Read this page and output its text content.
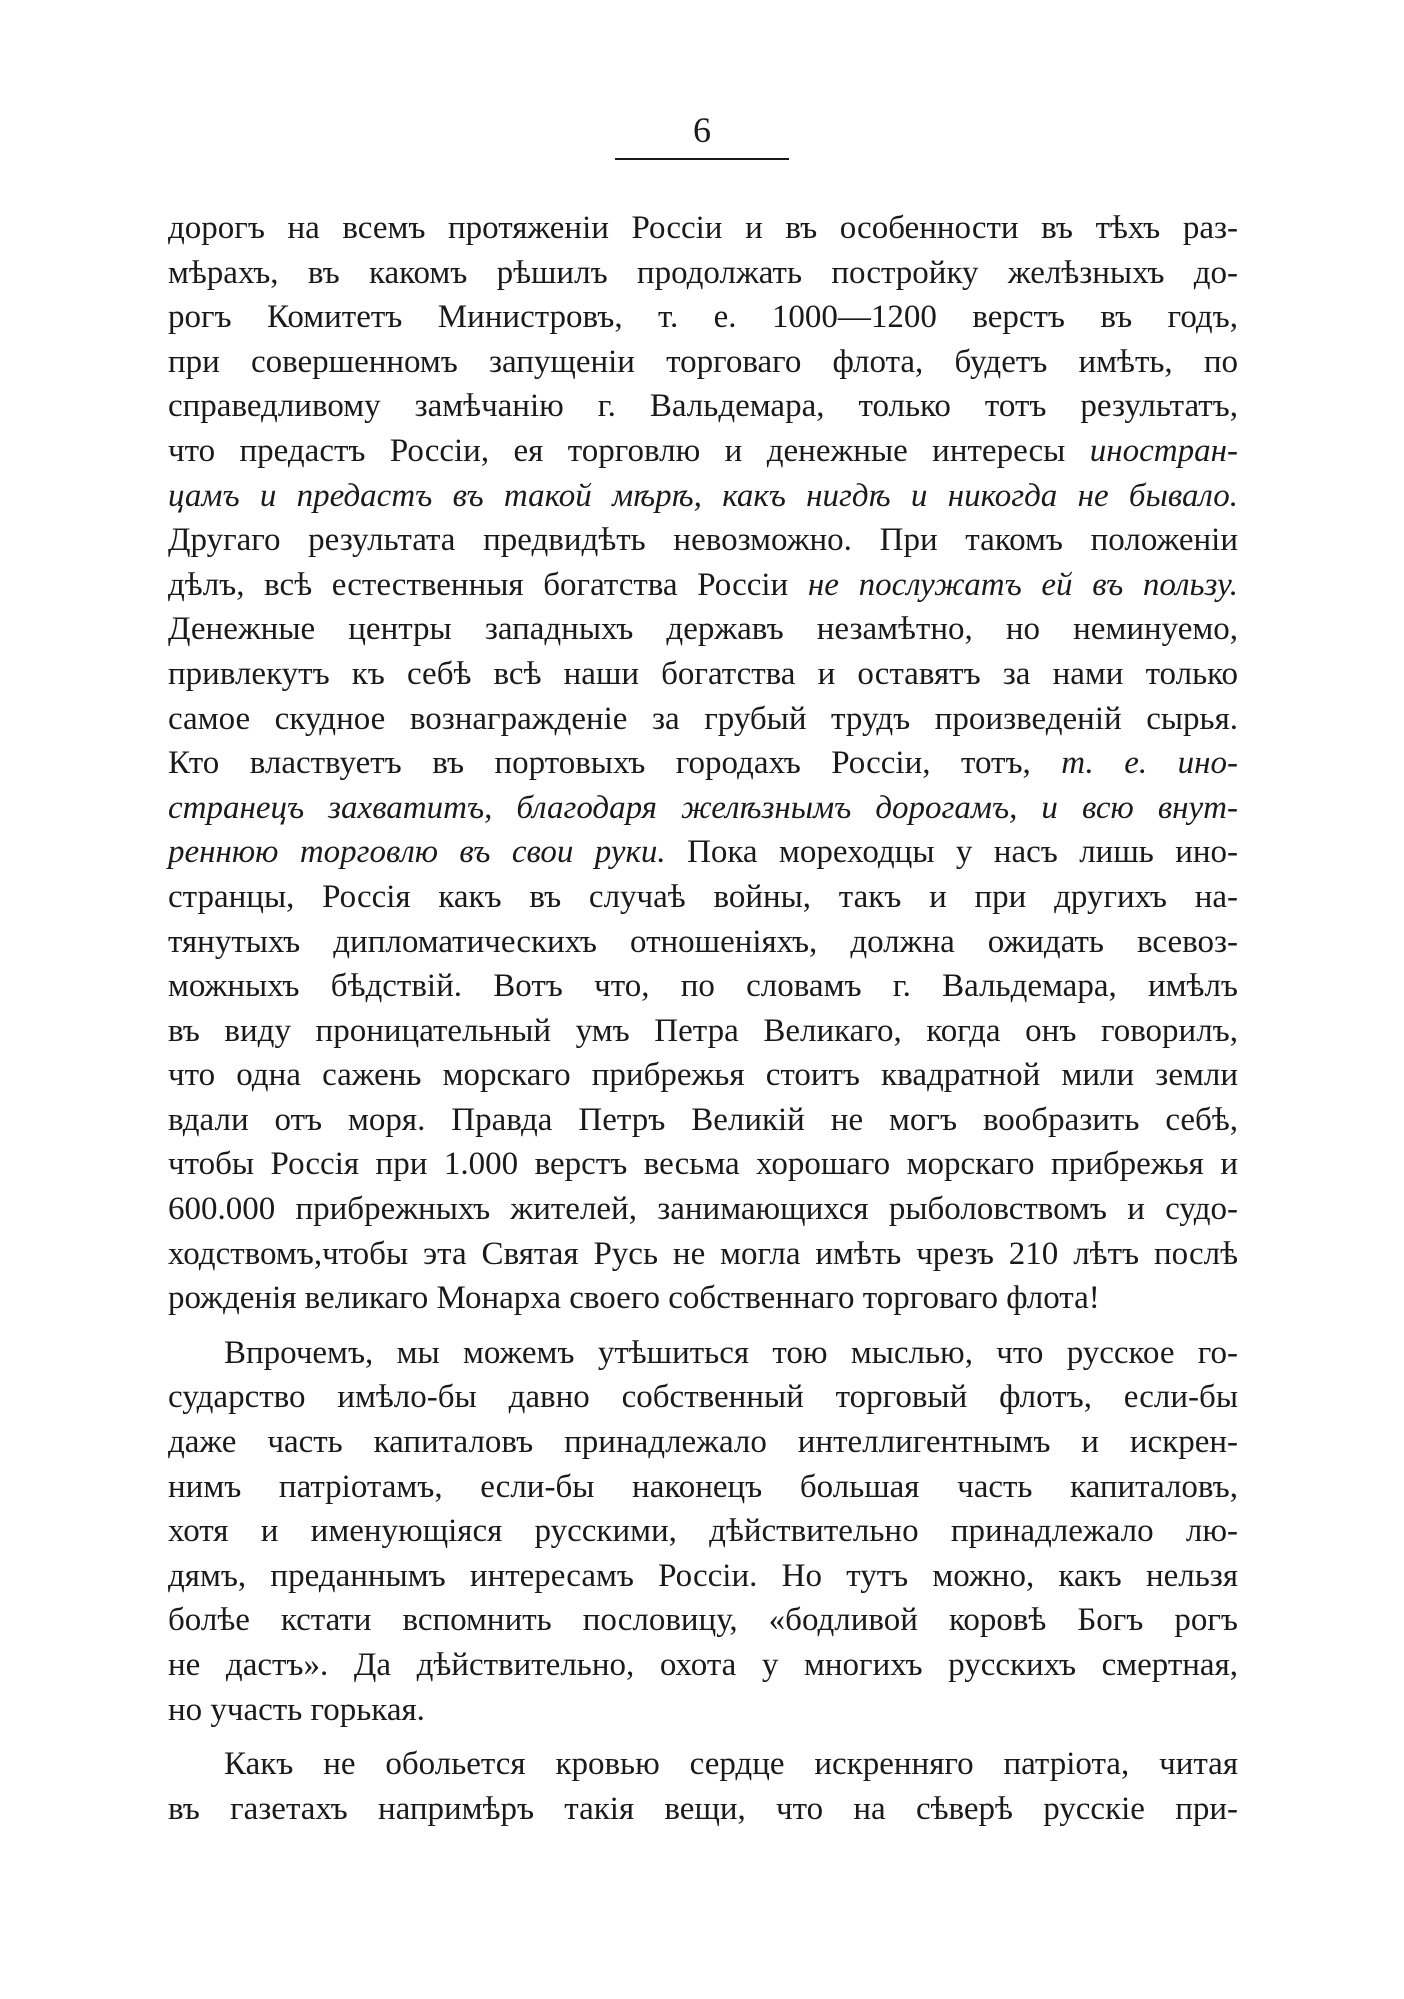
6
дорогъ на всемъ протяженіи Россіи и въ особенности въ тѣхъ раз-
мѣрахъ, въ какомъ рѣшилъ продолжать постройку желѣзныхъ до-
рогъ Комитетъ Министровъ, т. е. 1000—1200 верстъ въ годъ,
при совершенномъ запущеніи торговаго флота, будетъ имѣть, по
справедливому замѣчанію г. Вальдемара, только тотъ результатъ,
что предастъ Россіи, ея торговлю и денежные интересы иностран-
цамъ и предастъ въ такой мѣрѣ, какъ нигдѣ и никогда не бывало.
Другаго результата предвидѣть невозможно. При такомъ положеніи
дѣлъ, всѣ естественныя богатства Россіи не послужатъ ей въ пользу.
Денежные центры западныхъ державъ незамѣтно, но неминуемо,
привлекутъ къ себѣ всѣ наши богатства и оставятъ за нами только
самое скудное вознагражденіе за грубый трудъ произведеній сырья.
Кто властвуетъ въ портовыхъ городахъ Россіи, тотъ, т. е. ино-
странецъ захватитъ, благодаря желѣзнымъ дорогамъ, и всю внут-
реннюю торговлю въ свои руки. Пока мореходцы у насъ лишь ино-
странцы, Россія какъ въ случаѣ войны, такъ и при другихъ на-
тянутыхъ дипломатическихъ отношеніяхъ, должна ожидать всевоз-
можныхъ бѣдствій. Вотъ что, по словамъ г. Вальдемара, имѣлъ
въ виду проницательный умъ Петра Великаго, когда онъ говорилъ,
что одна сажень морскаго прибрежья стоитъ квадратной мили земли
вдали отъ моря. Правда Петръ Великій не могъ вообразить себѣ,
чтобы Россія при 1.000 верстъ весьма хорошаго морскаго прибрежья и
600.000 прибрежныхъ жителей, занимающихся рыболовствомъ и судо-
ходствомъ,чтобы эта Святая Русь не могла имѣть чрезъ 210 лѣтъ послѣ
рожденія великаго Монарха своего собственнаго торговаго флота!
Впрочемъ, мы можемъ утѣшиться тою мыслью, что русское го-
сударство имѣло-бы давно собственный торговый флотъ, если-бы
даже часть капиталовъ принадлежало интеллигентнымъ и искрен-
нимъ патріотамъ, если-бы наконецъ большая часть капиталовъ,
хотя и именующіяся русскими, дѣйствительно принадлежало лю-
дямъ, преданнымъ интересамъ Россіи. Но тутъ можно, какъ нельзя
болѣе кстати вспомнить пословицу, «бодливой коровѣ Богъ рогъ
не дастъ». Да дѣйствительно, охота у многихъ русскихъ смертная,
но участь горькая.
Какъ не обольется кровью сердце искренняго патріота, читая
въ газетахъ напримѣръ такія вещи, что на сѣверѣ русскіе при-
